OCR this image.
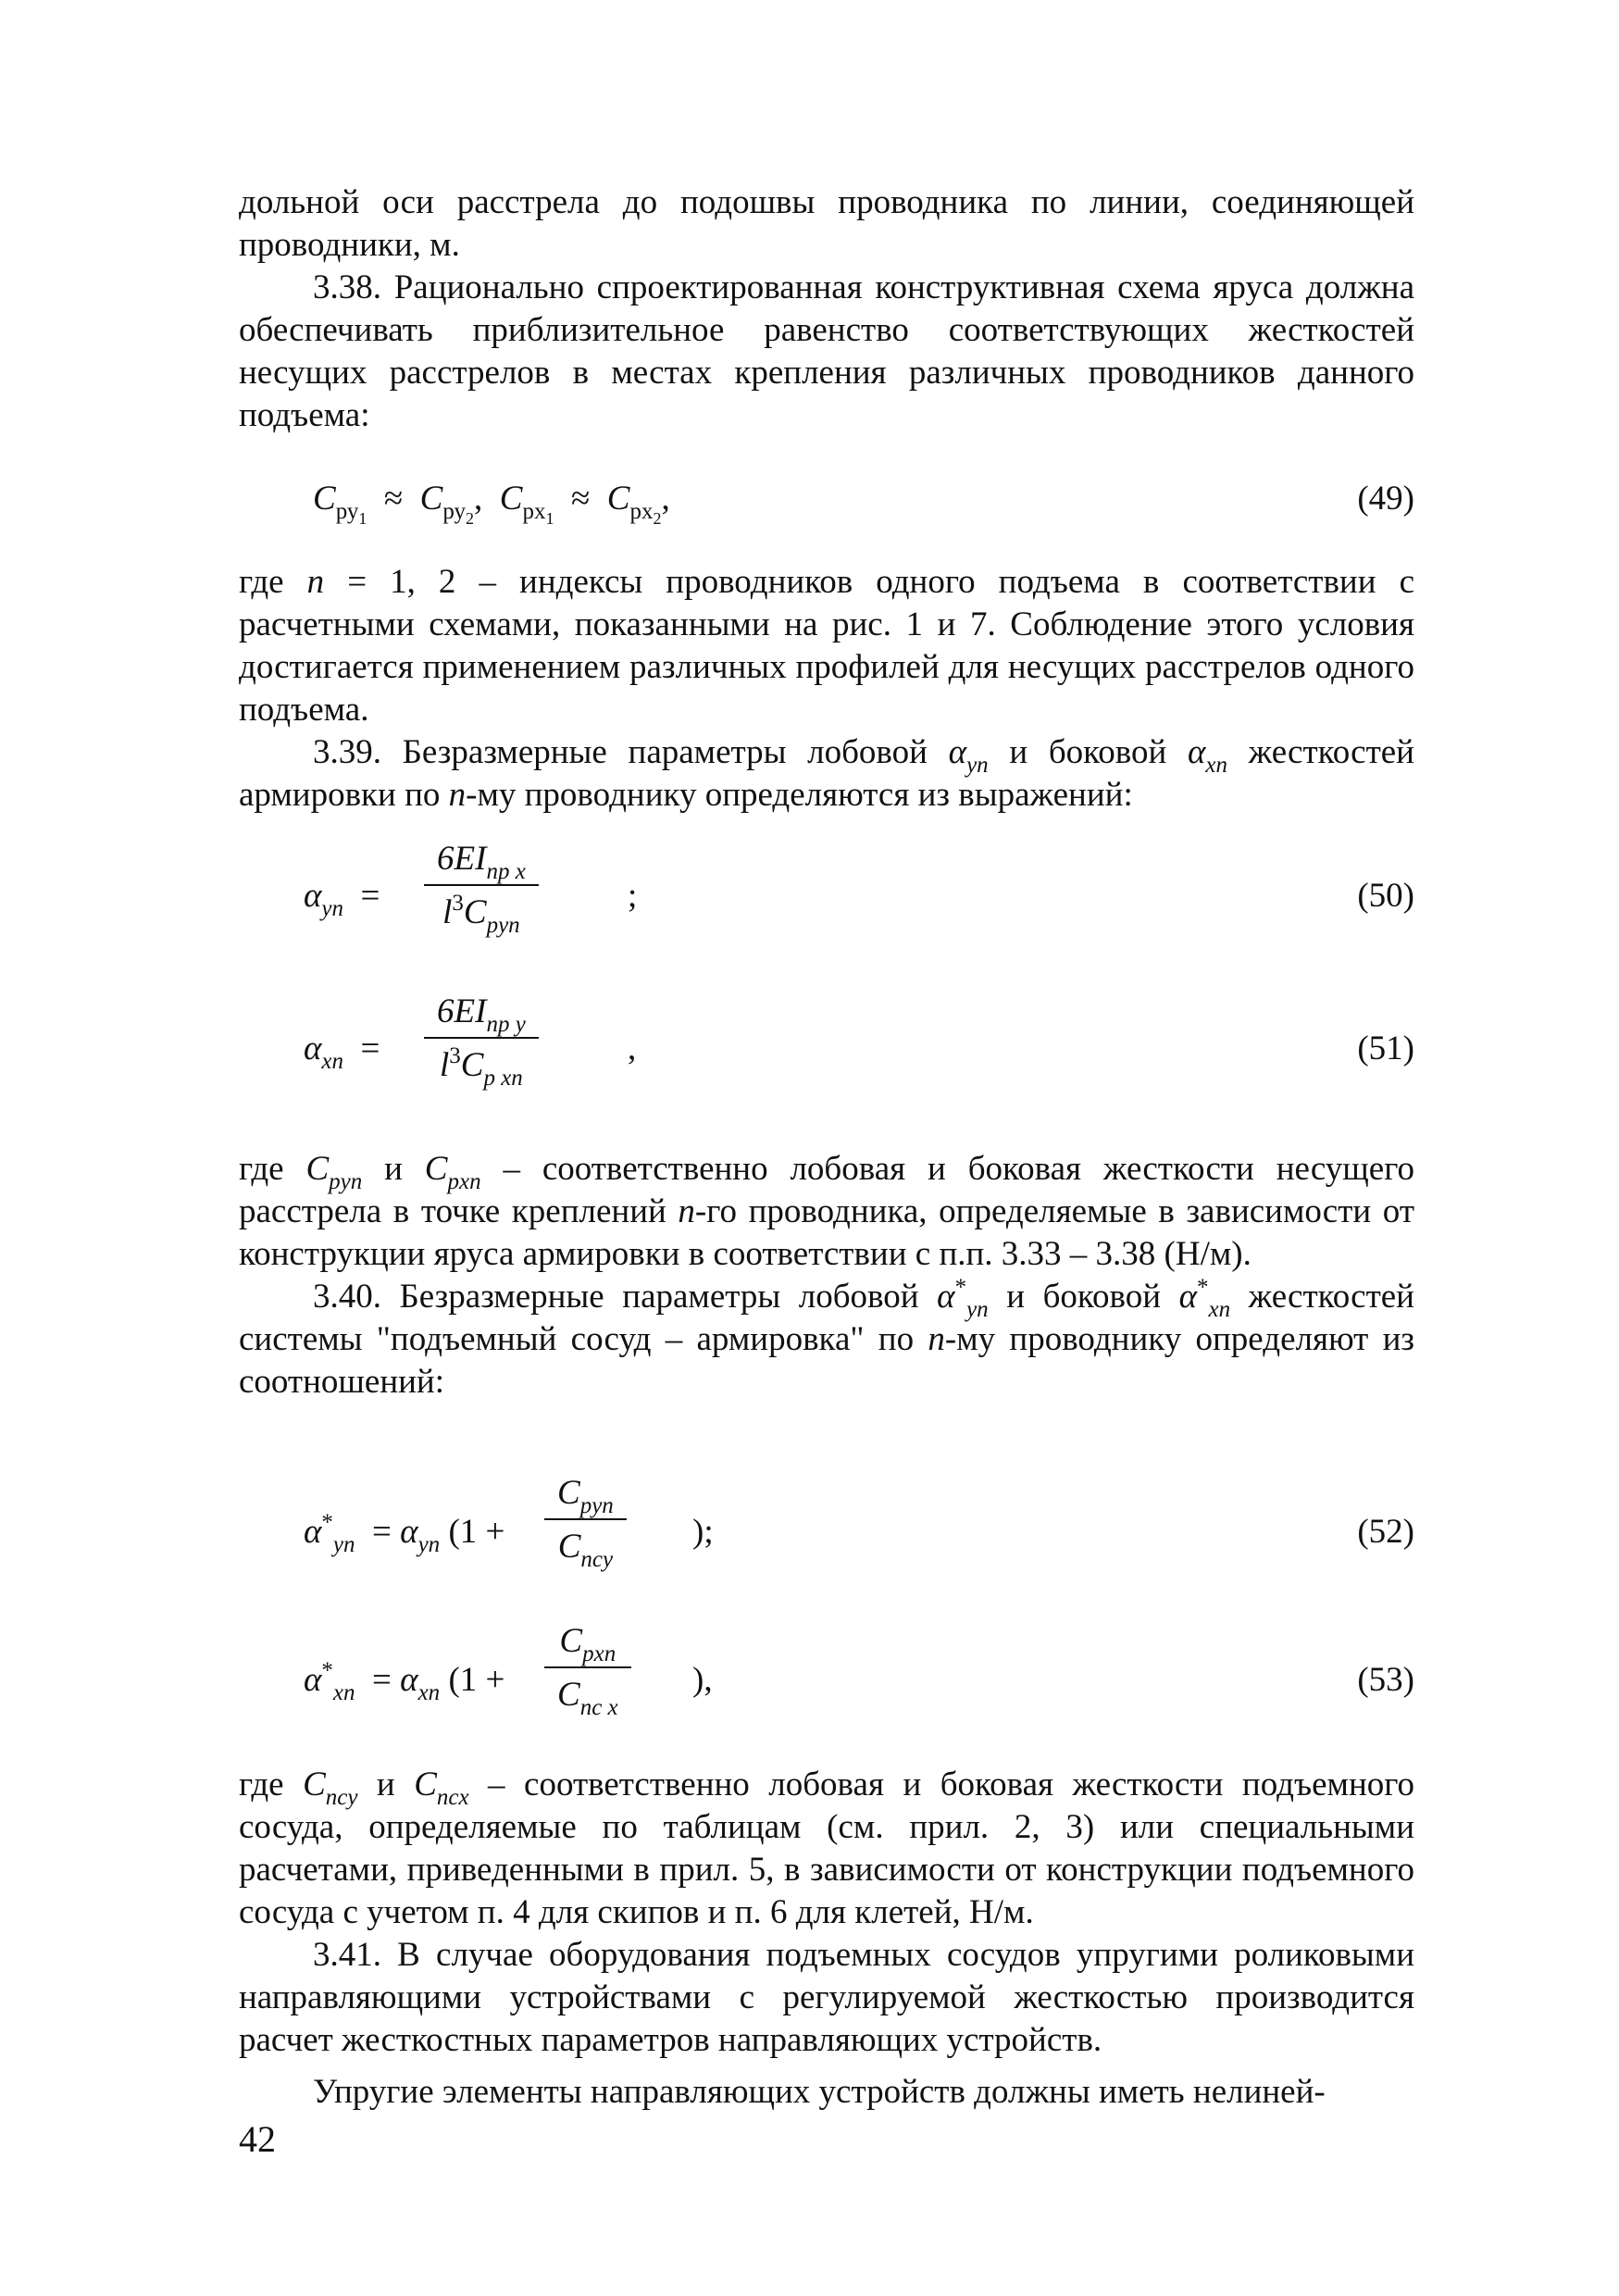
дольной оси расстрела до подошвы проводника по линии, соединяющей проводники, м.

3.38. Рационально спроектированная конструктивная схема яруса должна обеспечивать приблизительное равенство соответствующих жесткостей несущих расстрелов в местах крепления различных проводников данного подъема:

$C_{ру_1} \approx C_{ру_2}$, $C_{рх_1} \approx C_{рх_2}$,	(49)

где n = 1, 2 – индексы проводников одного подъема в соответствии с расчетными схемами, показанными на рис. 1 и 7. Соблюдение этого условия достигается применением различных профилей для несущих расстрелов одного подъема.

3.39. Безразмерные параметры лобовой $\alpha_{yn}$ и боковой $\alpha_{xn}$ жесткостей армировки по n-му проводнику определяются из выражений:

$\alpha_{yn}$ =
$6EI_{пр x}$
$l^3C_{pyn}$
;	(50)
$\alpha_{xn}$ =
$6EI_{пр y}$
$l^3C_{p xn}$
,	(51)

где $C_{pyn}$ и $C_{pxn}$ – соответственно лобовая и боковая жесткости несущего расстрела в точке креплений n-го проводника, определяемые в зависимости от конструкции яруса армировки в соответствии с п.п. 3.33 – 3.38 (Н/м).

3.40. Безразмерные параметры лобовой $\alpha^*_{yn}$ и боковой $\alpha^*_{xn}$ жесткостей системы "подъемный сосуд – армировка" по n-му проводнику определяют из соотношений:

$\alpha^*_{yn} = \alpha_{yn}$ (1 +
$C_{pyn}$
$C_{псy}$
);	(52)
$\alpha^*_{xn} = \alpha_{xn}$ (1 +
$C_{pxn}$
$C_{пс x}$
),	(53)

где $C_{псy}$ и $C_{псx}$ – соответственно лобовая и боковая жесткости подъемного сосуда, определяемые по таблицам (см. прил. 2, 3) или специальными расчетами, приведенными в прил. 5, в зависимости от конструкции подъемного сосуда с учетом п. 4 для скипов и п. 6 для клетей, Н/м.

3.41. В случае оборудования подъемных сосудов упругими роликовыми направляющими устройствами с регулируемой жесткостью производится расчет жесткостных параметров направляющих устройств.

Упругие элементы направляющих устройств должны иметь нелиней-

42
